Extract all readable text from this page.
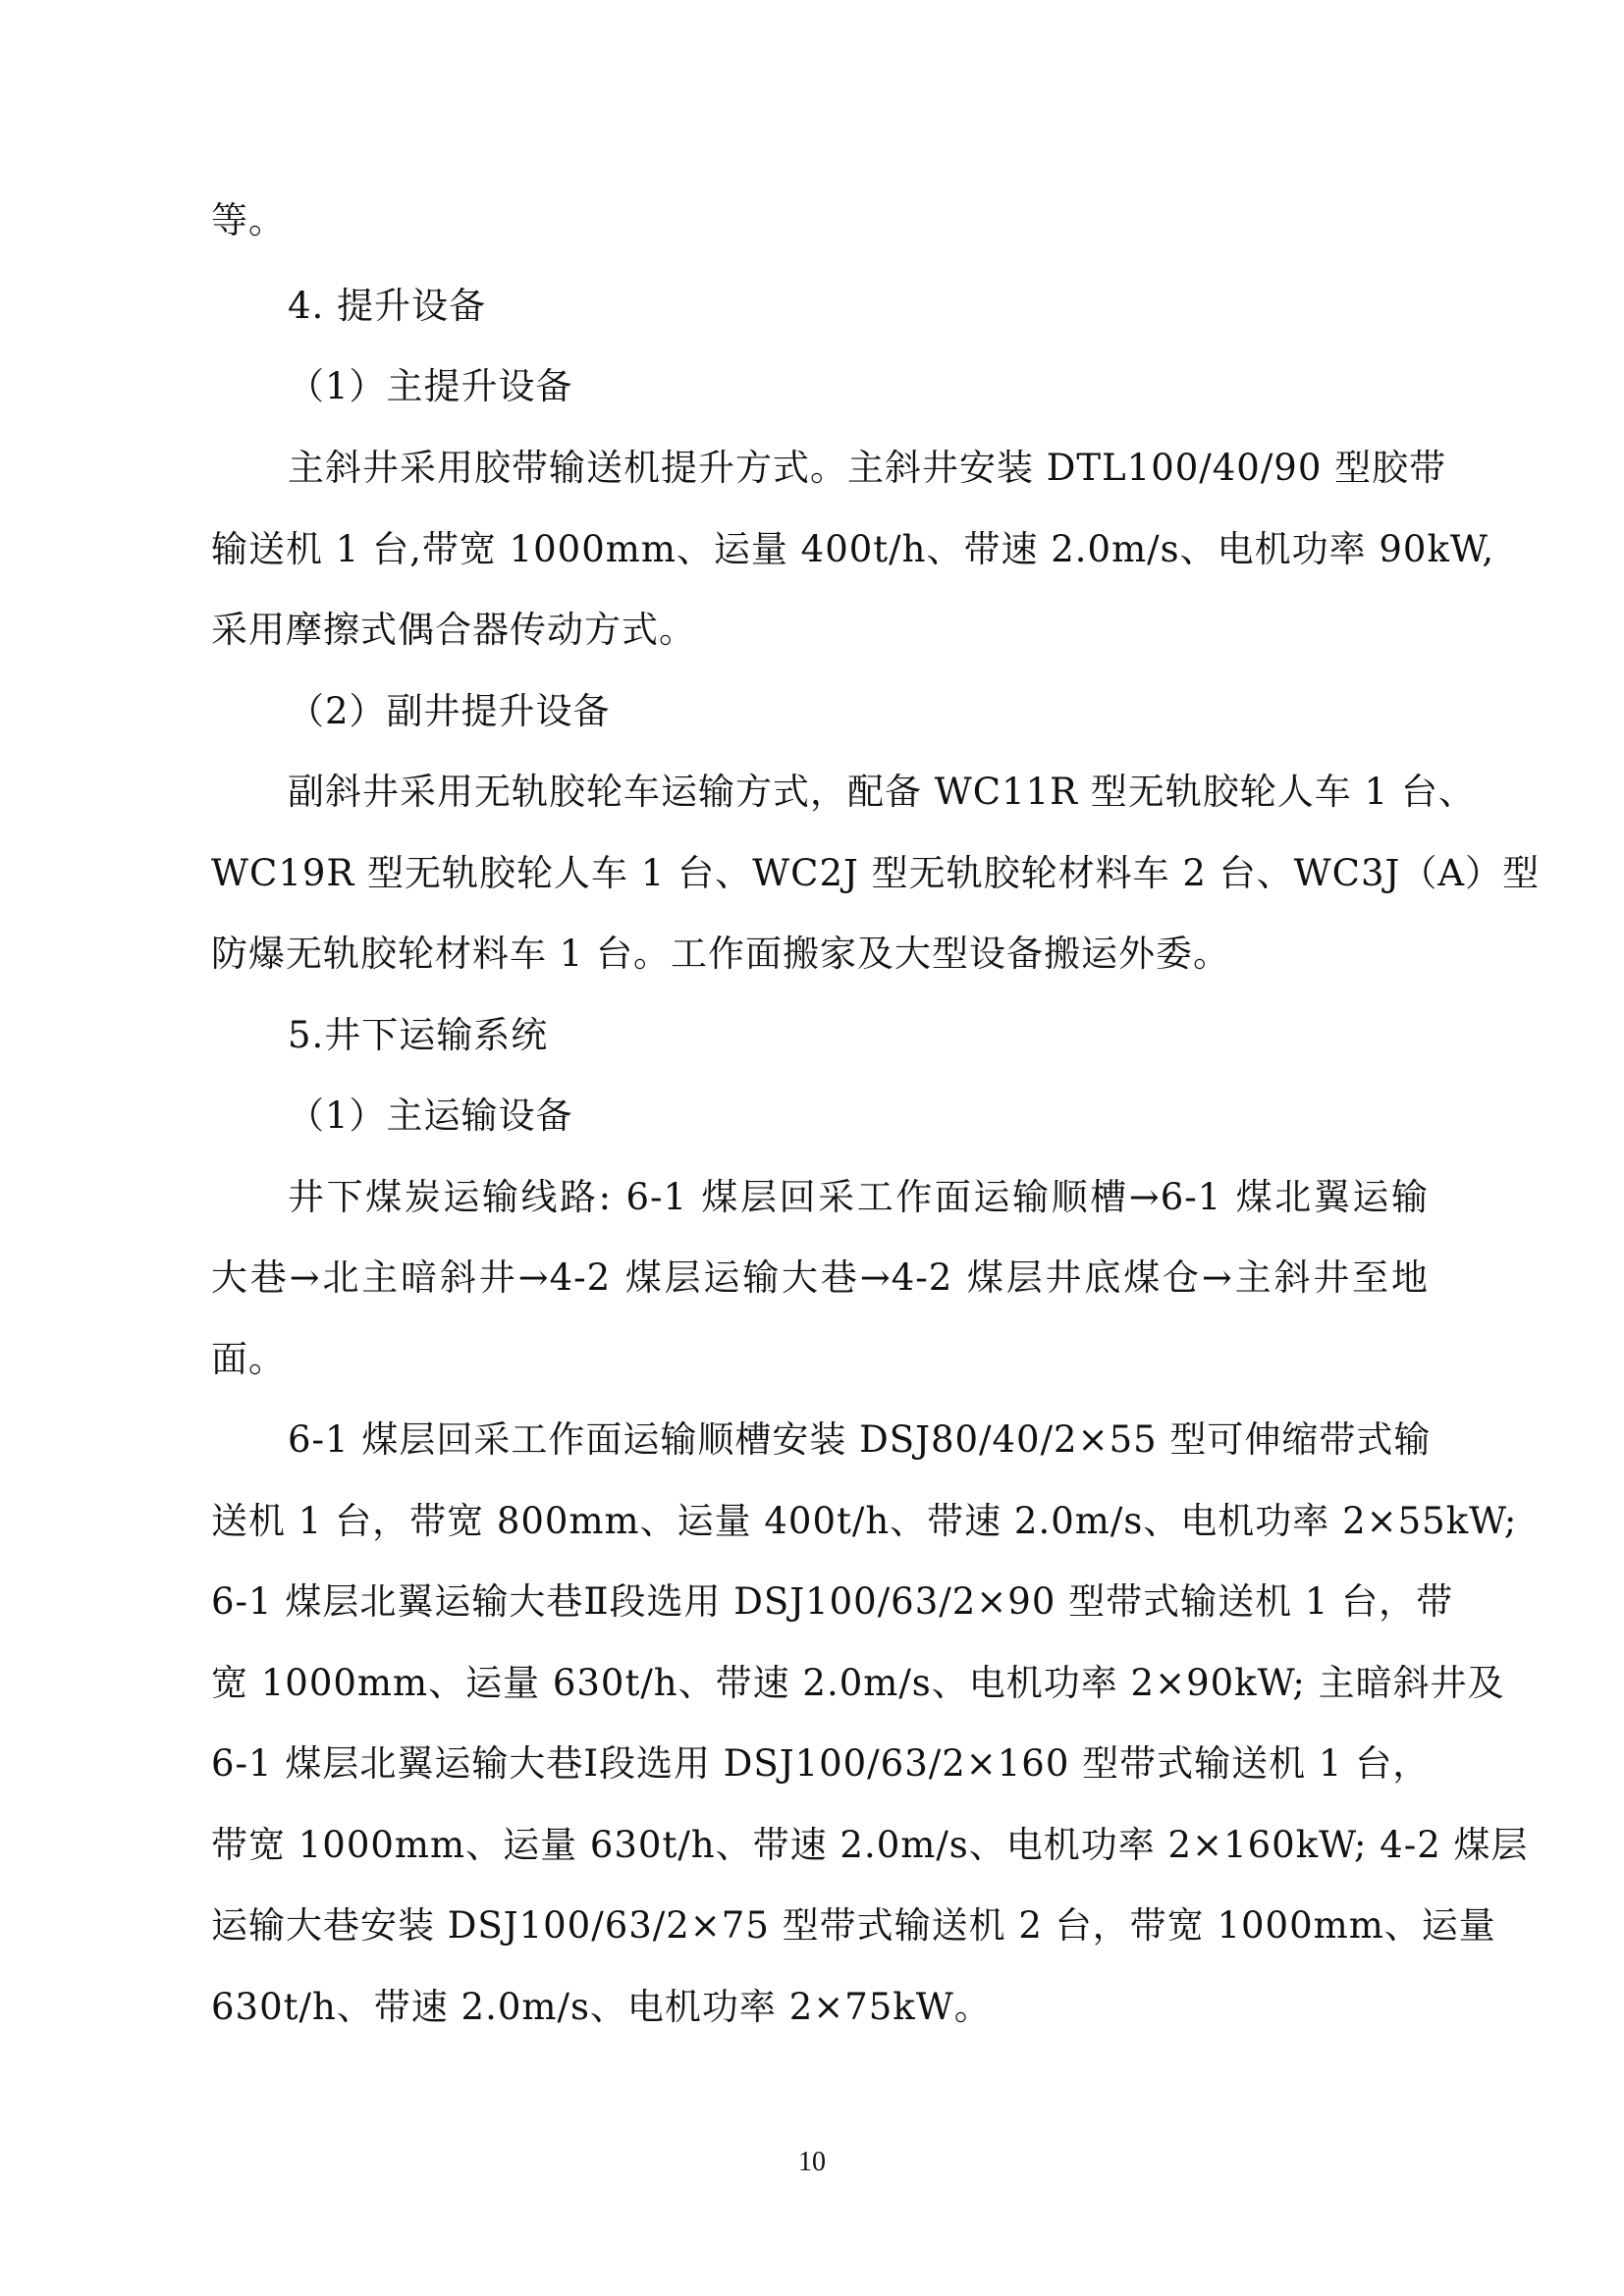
等。
4. 提升设备
（1）主提升设备
主斜井采用胶带输送机提升方式。主斜井安装 DTL100/40/90 型胶带
输送机 1 台,带宽 1000mm、运量 400t/h、带速 2.0m/s、电机功率 90kW,
采用摩擦式偶合器传动方式。
（2）副井提升设备
副斜井采用无轨胶轮车运输方式，配备 WC11R 型无轨胶轮人车 1 台、
WC19R 型无轨胶轮人车 1 台、WC2J 型无轨胶轮材料车 2 台、WC3J（A）型
防爆无轨胶轮材料车 1 台。工作面搬家及大型设备搬运外委。
5.井下运输系统
（1）主运输设备
井下煤炭运输线路: 6-1 煤层回采工作面运输顺槽→6-1 煤北翼运输
大巷→北主暗斜井→4-2 煤层运输大巷→4-2 煤层井底煤仓→主斜井至地
面。
6-1 煤层回采工作面运输顺槽安装 DSJ80/40/2×55 型可伸缩带式输
送机 1 台，带宽 800mm、运量 400t/h、带速 2.0m/s、电机功率 2×55kW;
6-1 煤层北翼运输大巷Ⅱ段选用 DSJ100/63/2×90 型带式输送机 1 台，带
宽 1000mm、运量 630t/h、带速 2.0m/s、电机功率 2×90kW; 主暗斜井及
6-1 煤层北翼运输大巷Ⅰ段选用 DSJ100/63/2×160 型带式输送机 1 台，
带宽 1000mm、运量 630t/h、带速 2.0m/s、电机功率 2×160kW; 4-2 煤层
运输大巷安装 DSJ100/63/2×75 型带式输送机 2 台，带宽 1000mm、运量
630t/h、带速 2.0m/s、电机功率 2×75kW。
10
